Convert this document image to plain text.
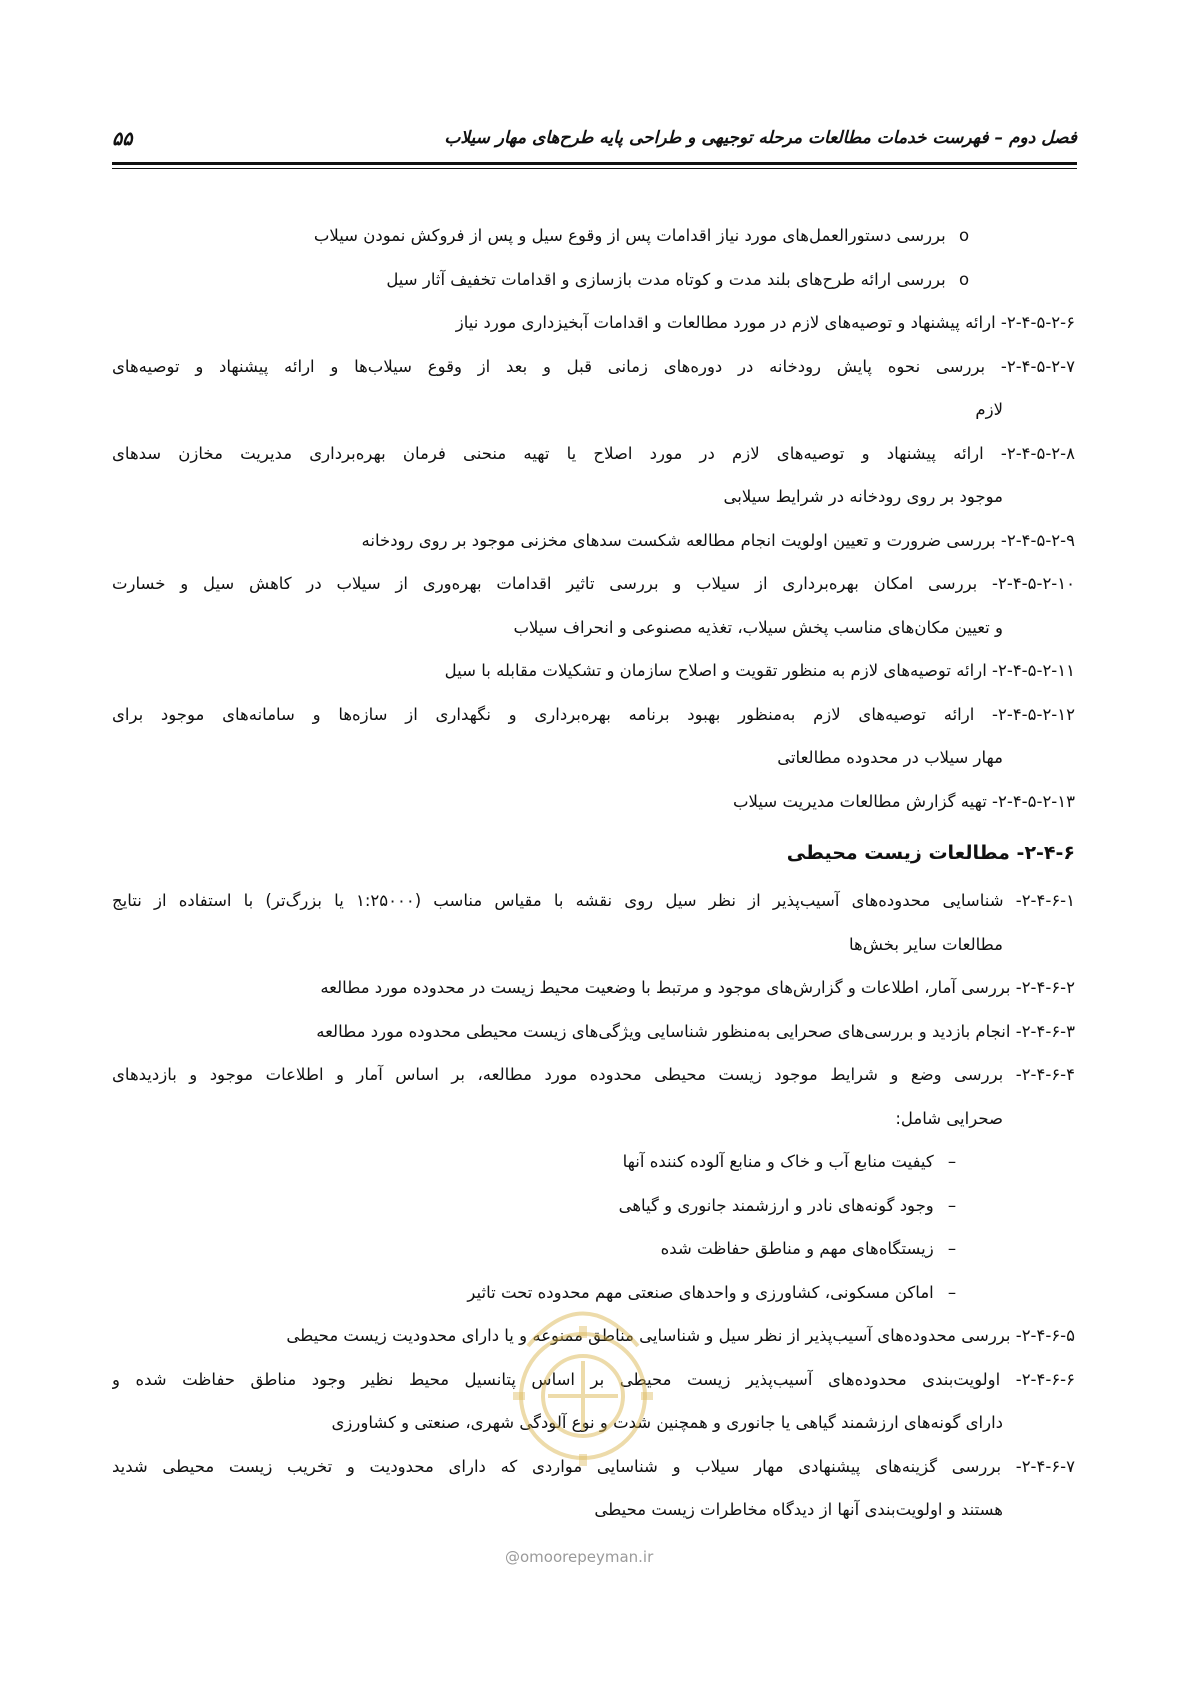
فصل دوم – فهرست خدمات مطالعات مرحله توجیهی و طراحی پایه طرح‌های مهار سیلاب
۵۵
o بررسی دستورالعمل‌های مورد نیاز اقدامات پس از وقوع سیل و پس از فروکش نمودن سیلاب
o بررسی ارائه طرح‌های بلند مدت و کوتاه مدت بازسازی و اقدامات تخفیف آثار سیل
۲-۴-۵-۲-۶- ارائه پیشنهاد و توصیه‌های لازم در مورد مطالعات و اقدامات آبخیزداری مورد نیاز
۲-۴-۵-۲-۷- بررسی نحوه پایش رودخانه در دوره‌های زمانی قبل و بعد از وقوع سیلاب‌ها و ارائه پیشنهاد و توصیه‌های
لازم
۲-۴-۵-۲-۸- ارائه پیشنهاد و توصیه‌های لازم در مورد اصلاح یا تهیه منحنی فرمان بهره‌برداری مدیریت مخازن سدهای
موجود بر روی رودخانه در شرایط سیلابی
۲-۴-۵-۲-۹- بررسی ضرورت و تعیین اولویت انجام مطالعه شکست سدهای مخزنی موجود بر روی رودخانه
۲-۴-۵-۲-۱۰- بررسی امکان بهره‌برداری از سیلاب و بررسی تاثیر اقدامات بهره‌وری از سیلاب در کاهش سیل و خسارت
و تعیین مکان‌های مناسب پخش سیلاب، تغذیه مصنوعی و انحراف سیلاب
۲-۴-۵-۲-۱۱- ارائه توصیه‌های لازم به منظور تقویت و اصلاح سازمان و تشکیلات مقابله با سیل
۲-۴-۵-۲-۱۲- ارائه توصیه‌های لازم به‌منظور بهبود برنامه بهره‌برداری و نگهداری از سازه‌ها و سامانه‌های موجود برای
مهار سیلاب در محدوده مطالعاتی
۲-۴-۵-۲-۱۳- تهیه گزارش مطالعات مدیریت سیلاب
۲-۴-۶- مطالعات زیست محیطی
۲-۴-۶-۱- شناسایی محدوده‌های آسیب‌پذیر از نظر سیل روی نقشه با مقیاس مناسب (۱:۲۵۰۰۰ یا بزرگ‌تر) با استفاده از نتایج
مطالعات سایر بخش‌ها
۲-۴-۶-۲- بررسی آمار، اطلاعات و گزارش‌های موجود و مرتبط با وضعیت محیط زیست در محدوده مورد مطالعه
۲-۴-۶-۳- انجام بازدید و بررسی‌های صحرایی به‌منظور شناسایی ویژگی‌های زیست محیطی محدوده مورد مطالعه
۲-۴-۶-۴- بررسی وضع و شرایط موجود زیست محیطی محدوده مورد مطالعه، بر اساس آمار و اطلاعات موجود و بازدیدهای
صحرایی شامل:
– کیفیت منابع آب و خاک و منابع آلوده کننده آنها
– وجود گونه‌های نادر و ارزشمند جانوری و گیاهی
– زیستگاه‌های مهم و مناطق حفاظت شده
– اماکن مسکونی، کشاورزی و واحدهای صنعتی مهم محدوده تحت تاثیر
۲-۴-۶-۵- بررسی محدوده‌های آسیب‌پذیر از نظر سیل و شناسایی مناطق ممنوعه و یا دارای محدودیت زیست محیطی
۲-۴-۶-۶- اولویت‌بندی محدوده‌های آسیب‌پذیر زیست محیطی بر اساس پتانسیل محیط نظیر وجود مناطق حفاظت شده و
دارای گونه‌های ارزشمند گیاهی یا جانوری و همچنین شدت و نوع آلودگی شهری، صنعتی و کشاورزی
۲-۴-۶-۷- بررسی گزینه‌های پیشنهادی مهار سیلاب و شناسایی مواردی که دارای محدودیت و تخریب زیست محیطی شدید
هستند و اولویت‌بندی آنها از دیدگاه مخاطرات زیست محیطی
@omoorepeyman.ir
